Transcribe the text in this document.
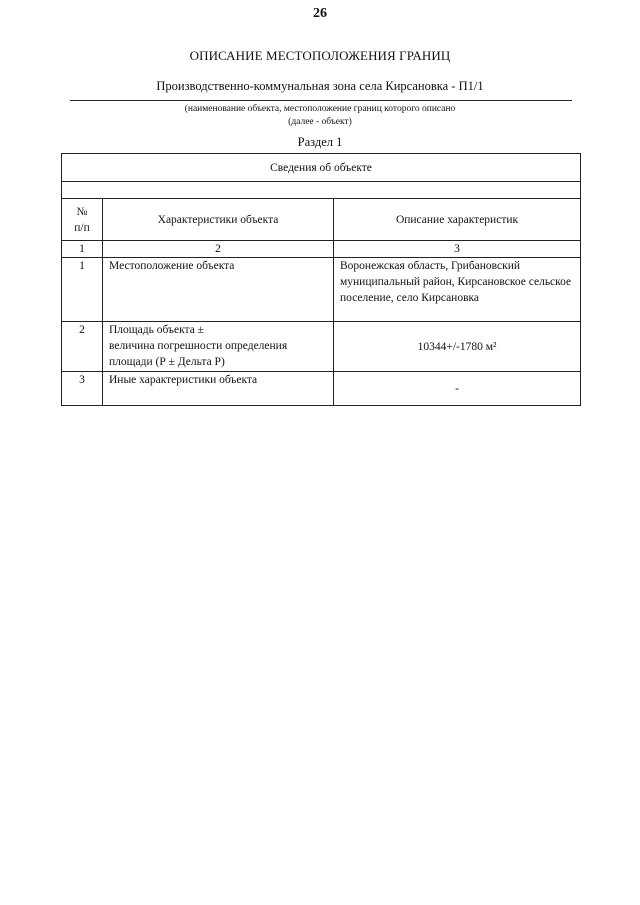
26
ОПИСАНИЕ МЕСТОПОЛОЖЕНИЯ ГРАНИЦ
Производственно-коммунальная зона села Кирсановка - П1/1
(наименование объекта, местоположение границ которого описано
(далее - объект)
Раздел 1
Сведения об объекте		

№
п/п	Характеристики объекта	Описание характеристик
1	2	3
1	Местоположение объекта	Воронежская область, Грибановский муниципальный район, Кирсановское сельское поселение, село Кирсановка
2	Площадь объекта ±
величина погрешности определения
площади (Р ± Дельта Р)	10344+/-1780 м²
3	Иные характеристики объекта	-
